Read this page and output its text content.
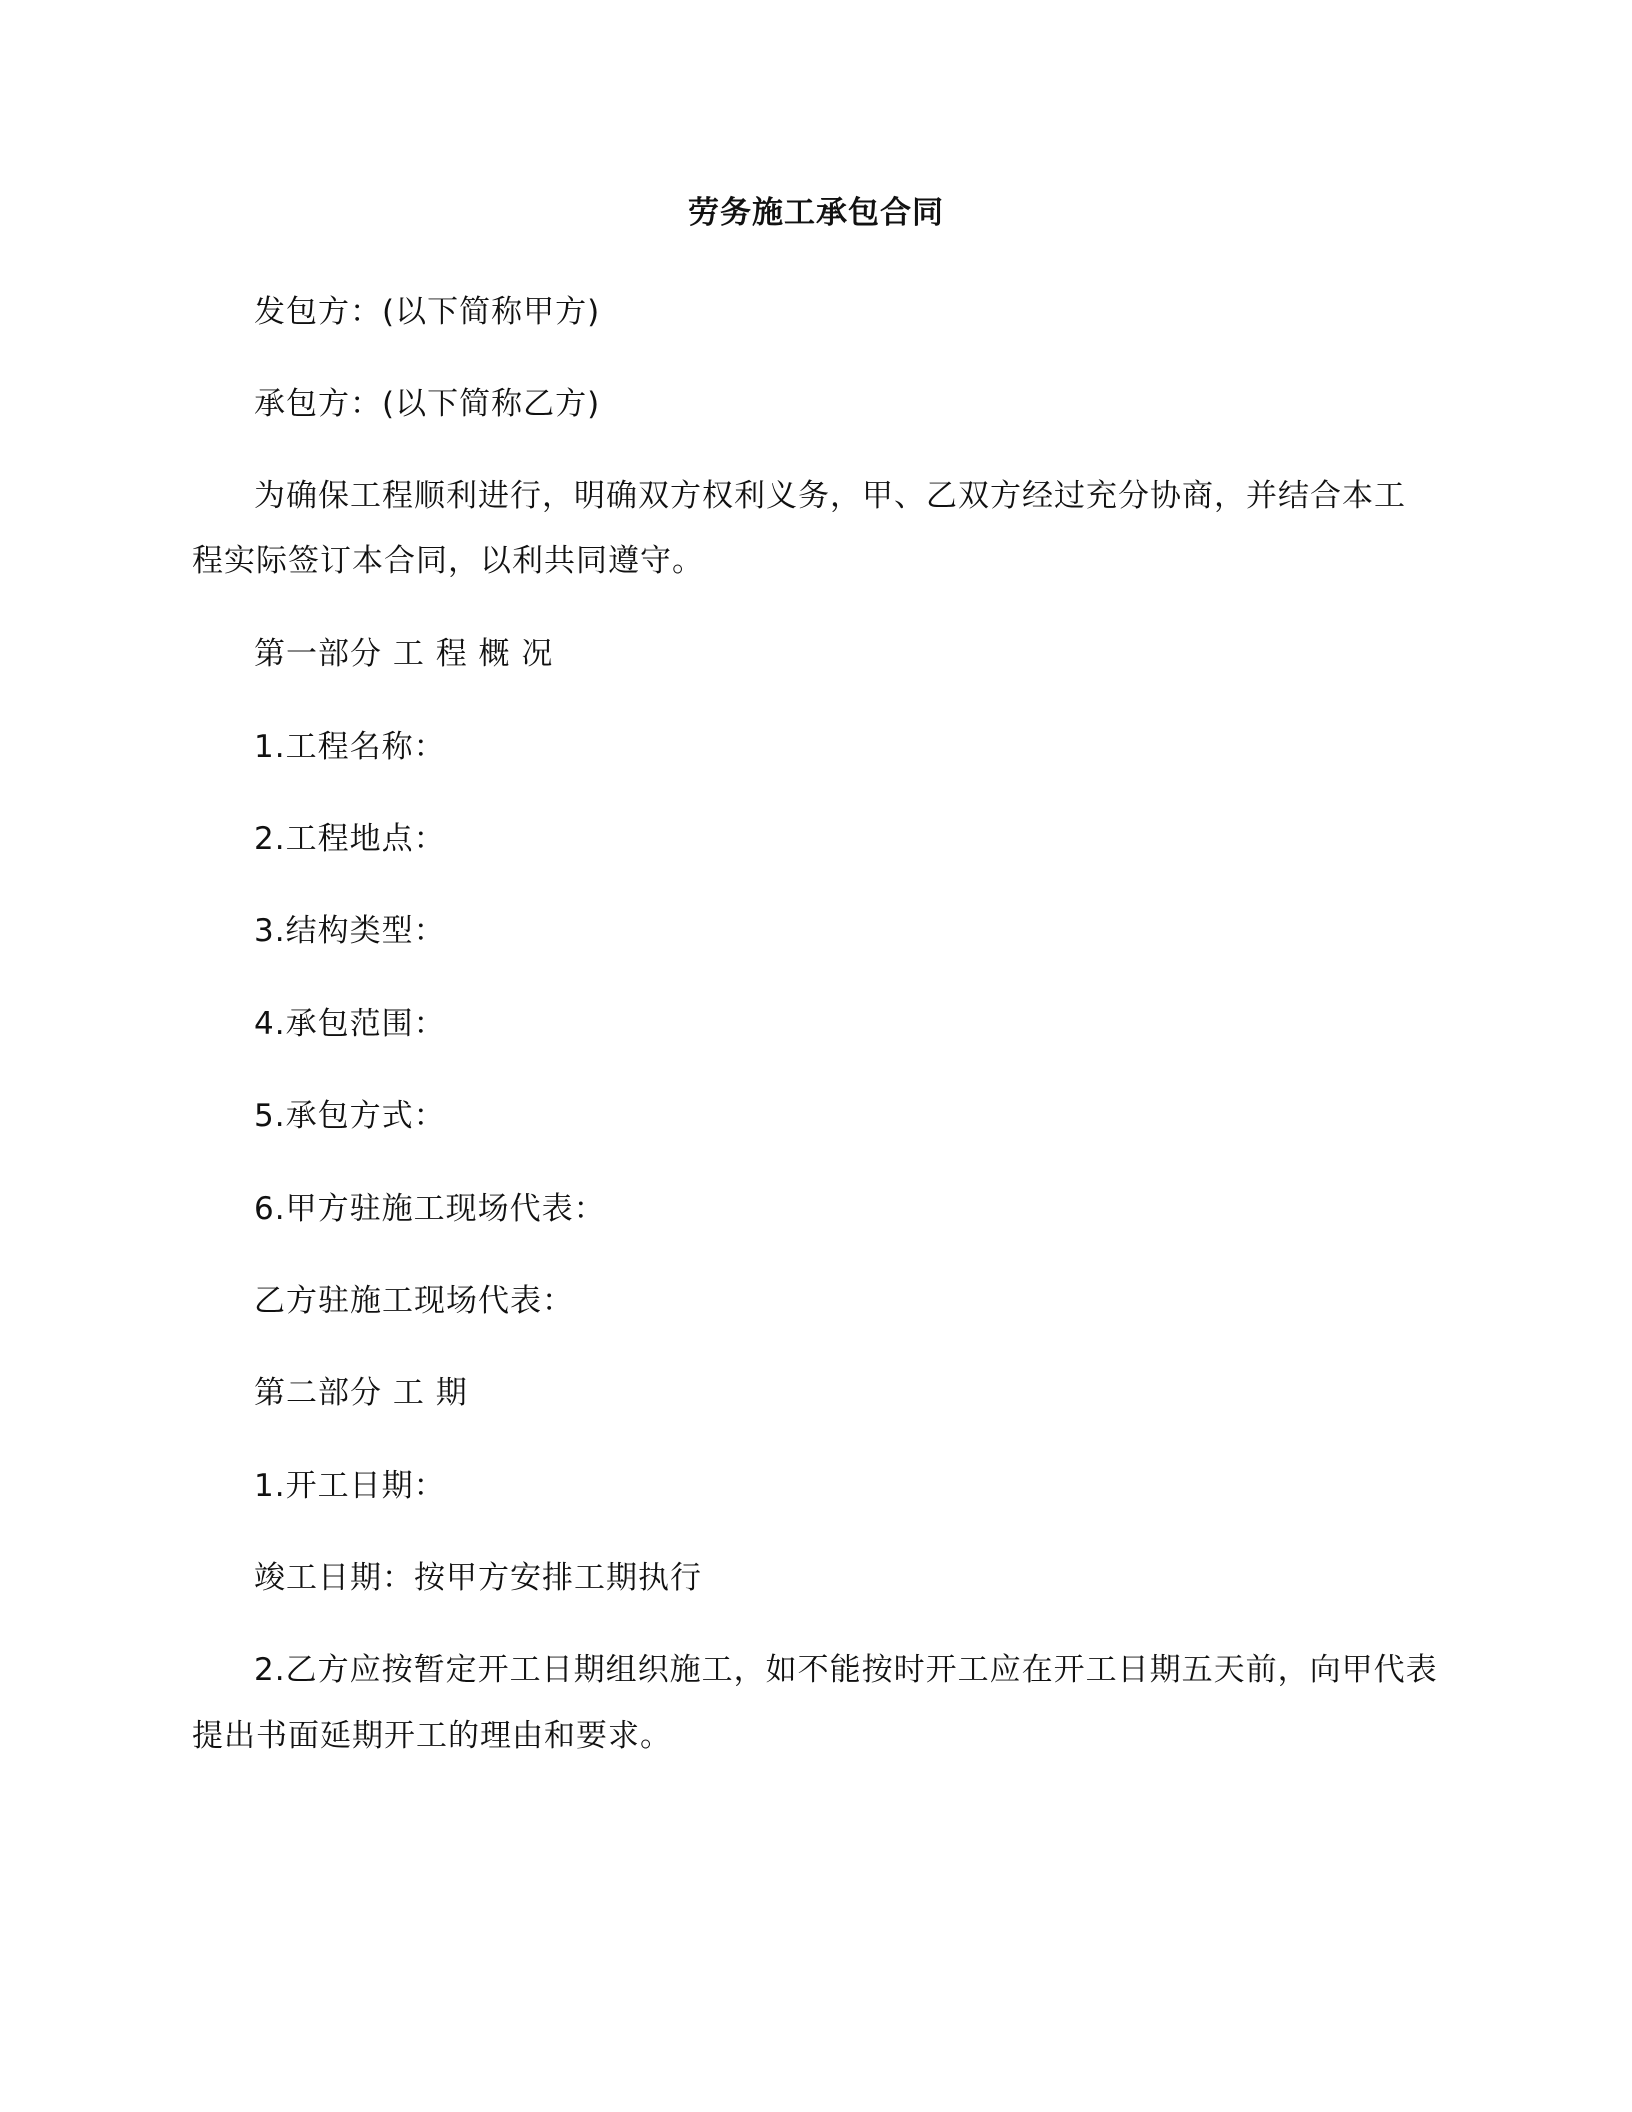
劳务施工承包合同

发包方：(以下简称甲方)

承包方：(以下简称乙方)

为确保工程顺利进行，明确双方权利义务，甲、乙双方经过充分协商，并结合本工

程实际签订本合同，以利共同遵守。

第一部分 工 程 概 况

1.工程名称：

2.工程地点：

3.结构类型：

4.承包范围：

5.承包方式：

6.甲方驻施工现场代表：

乙方驻施工现场代表：

第二部分 工 期

1.开工日期：

竣工日期：按甲方安排工期执行

2.乙方应按暂定开工日期组织施工，如不能按时开工应在开工日期五天前，向甲代表

提出书面延期开工的理由和要求。
